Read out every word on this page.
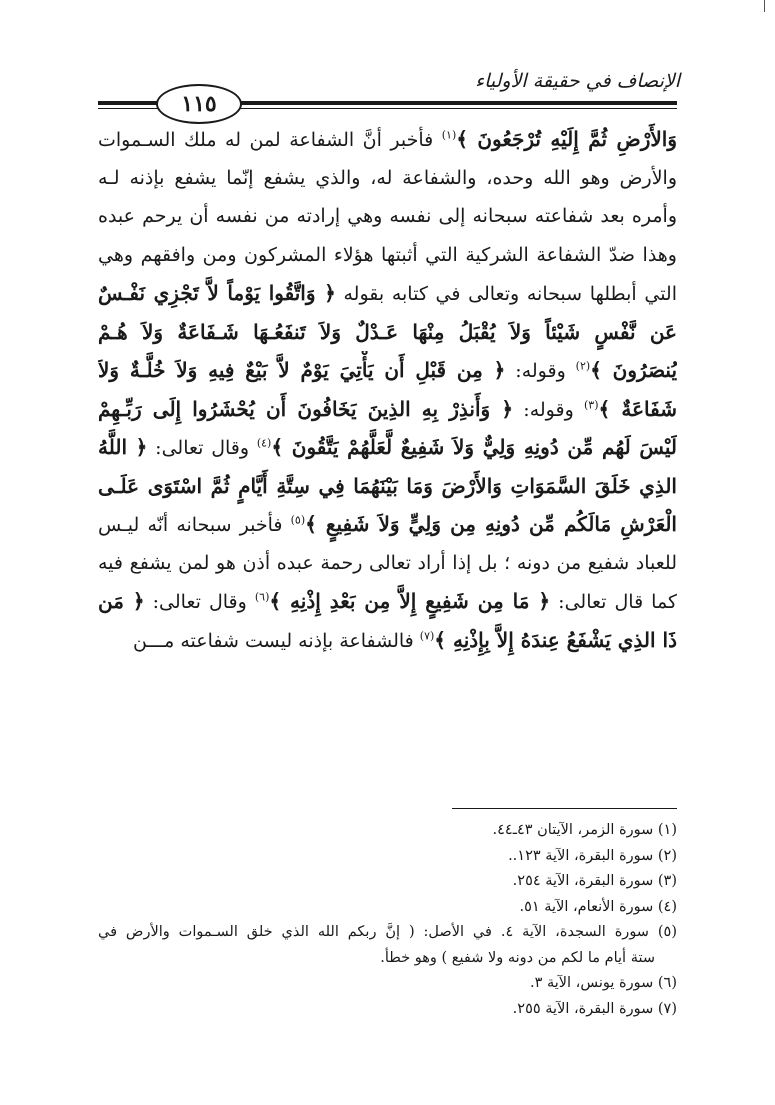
الإنصاف في حقيقة الأولياء
١١٥
وَالأَرْضِ ثُمَّ إِلَيْهِ تُرْجَعُونَ ﴾$^{(١)}$ فأخبر أنَّ الشفاعة لمن له ملك السـموات
والأرض وهو الله وحده، والشفاعة له، والذي يشفع إنّما يشفع بإذنه لـه
وأمره بعد شفاعته سبحانه إلى نفسه وهي إرادته من نفسه أن يرحم عبده
وهذا ضدّ الشفاعة الشركية التي أثبتها هؤلاء المشركون ومن وافقهم وهي
التي أبطلها سبحانه وتعالى في كتابه بقوله ﴿ وَاتَّقُوا يَوْماً لاَّ تَجْزِي نَفْـسٌ
عَن نَّفْسٍ شَيْئاً وَلاَ يُقْبَلُ مِنْهَا عَـدْلٌ وَلاَ تَنفَعُـهَا شَـفَاعَةٌ وَلاَ هُـمْ
يُنصَرُونَ ﴾$^{(٢)}$ وقوله: ﴿ مِن قَبْلِ أَن يَأْتِيَ يَوْمٌ لاَّ بَيْعٌ فِيهِ وَلاَ خُلَّـةٌ وَلاَ
شَفَاعَةٌ ﴾$^{(٣)}$ وقوله: ﴿ وَأَنذِرْ بِهِ الذِينَ يَخَافُونَ أَن يُحْشَرُوا إِلَى رَبِّـهِمْ
لَيْسَ لَهُم مِّن دُونِهِ وَلِيٌّ وَلاَ شَفِيعٌ لَّعَلَّهُمْ يَتَّقُونَ ﴾$^{(٤)}$ وقال تعالى: ﴿ اللَّهُ
الذِي خَلَقَ السَّمَوَاتِ وَالأَرْضَ وَمَا بَيْنَهُمَا فِي سِتَّةِ أَيَّامٍ ثُمَّ اسْتَوَى عَلَـى
الْعَرْشِ مَالَكُم مِّن دُونِهِ مِن وَلِيٍّ وَلاَ شَفِيعٍ ﴾$^{(٥)}$ فأخبر سبحانه أنّه ليـس
للعباد شفيع من دونه ؛ بل إذا أراد تعالى رحمة عبده أذن هو لمن يشفع فيه
كما قال تعالى: ﴿ مَا مِن شَفِيعٍ إِلاَّ مِن بَعْدِ إِذْنِهِ ﴾$^{(٦)}$ وقال تعالى: ﴿ مَن
ذَا الذِي يَشْفَعُ عِندَهُ إِلاَّ بِإِذْنِهِ ﴾$^{(٧)}$ فالشفاعة بإذنه ليست شفاعته مـــن
(١) سورة الزمر، الآيتان ٤٣ـ٤٤.
(٢) سورة البقرة، الآية ١٢٣..
(٣) سورة البقرة، الآية ٢٥٤.
(٤) سورة الأنعام، الآية ٥١.
(٥) سورة السجدة، الآية ٤. في الأصل: ( إنَّ ربكم الله الذي خلق السـموات والأرض في
ستة أيام ما لكم من دونه ولا شفيع ) وهو خطأ.
(٦) سورة يونس، الآية ٣.
(٧) سورة البقرة، الآية ٢٥٥.
